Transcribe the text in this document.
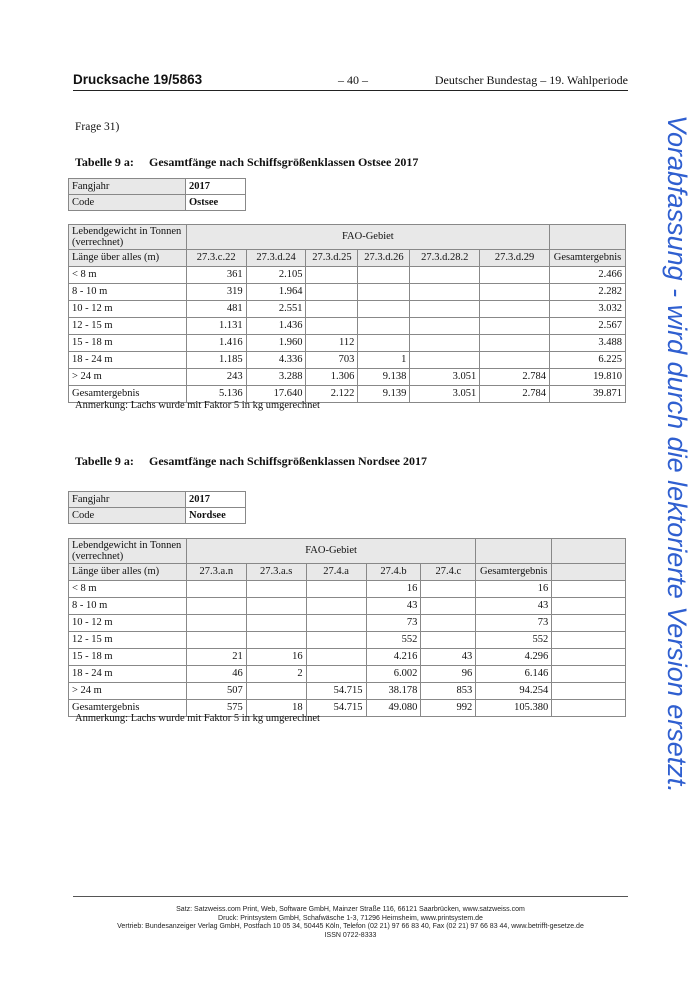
Drucksache 19/5863	– 40 –	Deutscher Bundestag – 19. Wahlperiode
Frage 31)
Tabelle 9 a: Gesamtfänge nach Schiffsgrößenklassen Ostsee 2017
Fangjahr	2017
Code	Ostsee
Lebendgewicht in Tonnen (verrechnet)	FAO-Gebiet						
Länge über alles (m)	27.3.c.22	27.3.d.24	27.3.d.25	27.3.d.26	27.3.d.28.2	27.3.d.29	Gesamtergebnis
< 8 m	361	2.105					2.466
8 - 10 m	319	1.964					2.282
10 - 12 m	481	2.551					3.032
12 - 15 m	1.131	1.436					2.567
15 - 18 m	1.416	1.960	112				3.488
18 - 24 m	1.185	4.336	703	1			6.225
> 24 m	243	3.288	1.306	9.138	3.051	2.784	19.810
Gesamtergebnis	5.136	17.640	2.122	9.139	3.051	2.784	39.871
Anmerkung: Lachs wurde mit Faktor 5 in kg umgerechnet
Tabelle 9 a: Gesamtfänge nach Schiffsgrößenklassen Nordsee 2017
Fangjahr	2017
Code	Nordsee
Lebendgewicht in Tonnen (verrechnet)	FAO-Gebiet						
Länge über alles (m)	27.3.a.n	27.3.a.s	27.4.a	27.4.b	27.4.c	Gesamtergebnis	
< 8 m				16		16	
8 - 10 m				43		43	
10 - 12 m				73		73	
12 - 15 m				552		552	
15 - 18 m	21	16		4.216	43	4.296	
18 - 24 m	46	2		6.002	96	6.146	
> 24 m	507		54.715	38.178	853	94.254	
Gesamtergebnis	575	18	54.715	49.080	992	105.380	
Anmerkung: Lachs wurde mit Faktor 5 in kg umgerechnet
Satz: Satzweiss.com Print, Web, Software GmbH, Mainzer Straße 116, 66121 Saarbrücken, www.satzweiss.com
Druck: Printsystem GmbH, Schafwäsche 1-3, 71296 Heimsheim, www.printsystem.de
Vertrieb: Bundesanzeiger Verlag GmbH, Postfach 10 05 34, 50445 Köln, Telefon (02 21) 97 66 83 40, Fax (02 21) 97 66 83 44, www.betrifft-gesetze.de
ISSN 0722-8333
Vorabfassung - wird durch die lektorierte Version ersetzt.
